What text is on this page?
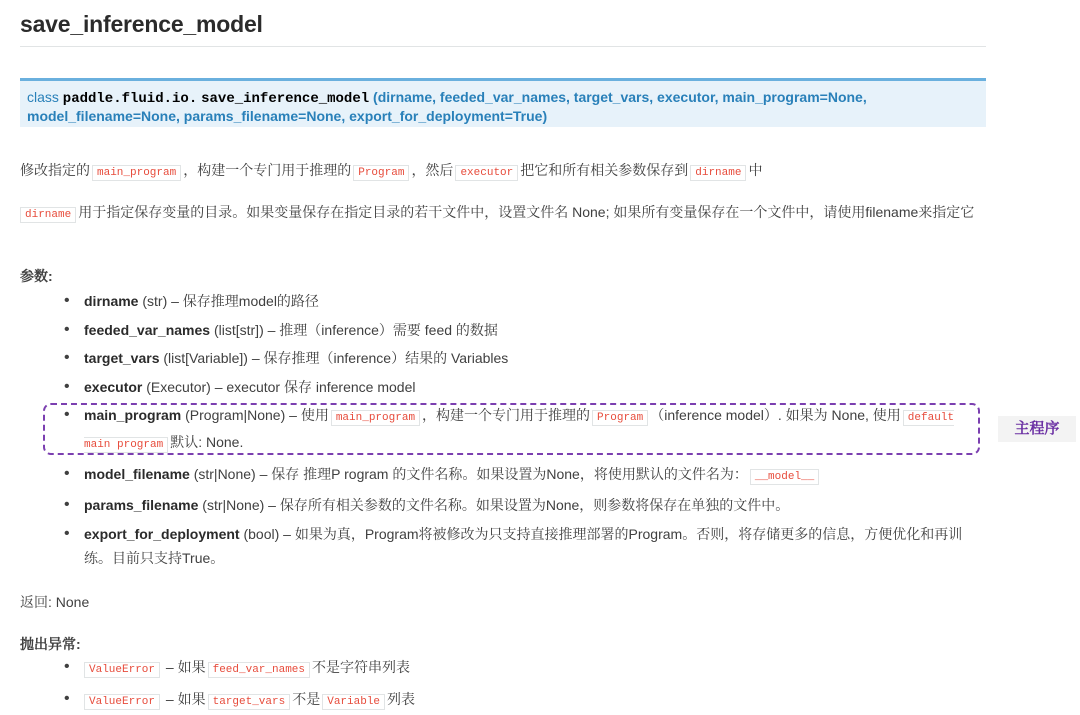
save_inference_model
class paddle.fluid.io. save_inference_model (dirname, feeded_var_names, target_vars, executor, main_program=None,
model_filename=None, params_filename=None, export_for_deployment=True)
修改指定的 main_program ，构建一个专门用于推理的 Program ，然后 executor 把它和所有相关参数保存到 dirname 中
dirname 用于指定保存变量的目录。如果变量保存在指定目录的若干文件中，设置文件名 None; 如果所有变量保存在一个文件中，请使用filename来指定它
参数:
• dirname (str) – 保存推理model的路径
• feeded_var_names (list[str]) – 推理（inference）需要 feed 的数据
• target_vars (list[Variable]) – 保存推理（inference）结果的 Variables
• executor (Executor) – executor 保存 inference model
• main_program (Program|None) – 使用 main_program ，构建一个专门用于推理的 Program （inference model）. 如果为 None, 使用 default main program 默认: None.
• model_filename (str|None) – 保存 推理P rogram 的文件名称。如果设置为None，将使用默认的文件名为： __model__
• params_filename (str|None) – 保存所有相关参数的文件名称。如果设置为None，则参数将保存在单独的文件中。
• export_for_deployment (bool) – 如果为真，Program将被修改为只支持直接推理部署的Program。否则，将存储更多的信息，方便优化和再训练。目前只支持True。
主程序
返回: None
抛出异常:
• ValueError – 如果 feed_var_names 不是字符串列表
• ValueError – 如果 target_vars 不是 Variable 列表
